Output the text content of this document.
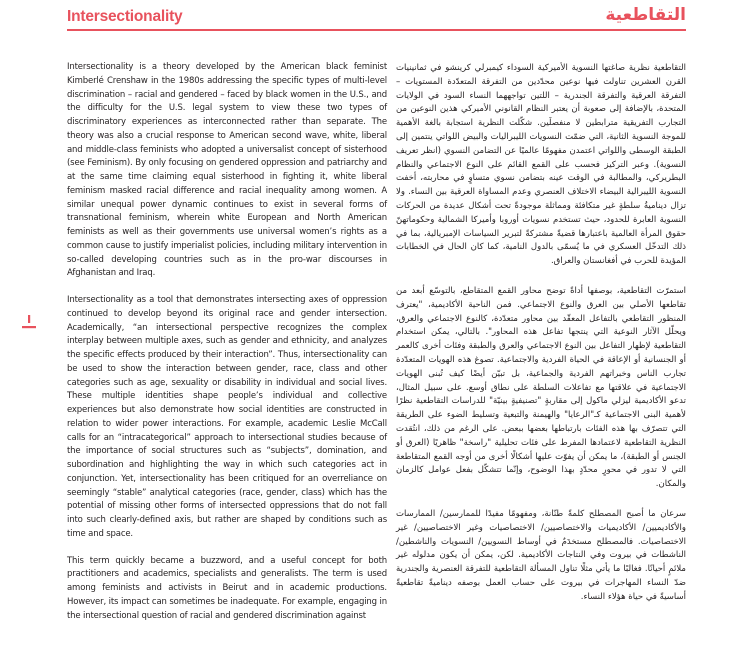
Intersectionality	التقاطعية

Intersectionality is a theory developed by the American black feminist Kimberlé Crenshaw in the 1980s addressing the specific types of multi-level discrimination – racial and gendered – faced by black women in the U.S., and the difficulty for the U.S. legal system to view these two types of discriminatory experiences as interconnected rather than separate. The theory was also a crucial response to American second wave, white, liberal and middle-class feminists who adopted a universalist concept of sisterhood (see Feminism). By only focusing on gendered oppression and patriarchy and at the same time claiming equal sisterhood in fighting it, white liberal feminism masked racial difference and racial inequality among women. A similar unequal power dynamic continues to exist in several forms of transnational feminism, wherein white European and North American feminists as well as their governments use universal women’s rights as a common cause to justify imperialist policies, including military intervention in so-called developing countries such as in the pro-war discourses in Afghanistan and Iraq.

Intersectionality as a tool that demonstrates intersecting axes of oppression continued to develop beyond its original race and gender intersection. Academically, “an intersectional perspective recognizes the complex interplay between multiple axes, such as gender and ethnicity, and analyzes the specific effects produced by their interaction”. Thus, intersectionality can be used to show the interaction between gender, race, class and other categories such as age, sexuality or disability in individual and social lives. These multiple identities shape people’s individual and collective experiences but also demonstrate how social identities are constructed in relation to wider power interactions. For example, academic Leslie McCall calls for an “intracategorical” approach to intersectional studies because of the importance of social structures such as “subjects”, domination, and subordination and highlighting the way in which such categories act in conjunction. Yet, intersectionality has been critiqued for an overreliance on seemingly “stable” analytical categories (race, gender, class) which has the potential of missing other forms of intersected oppressions that do not fall into such clearly-defined axis, but rather are shaped by conditions such as time and space.

This term quickly became a buzzword, and a useful concept for both practitioners and academics, specialists and generalists. The term is used among feminists and activists in Beirut and in academic productions. However, its impact can sometimes be inadequate. For example, engaging in the intersectional question of racial and gendered discrimination against

التقاطعية نظرية صاغتها النسوية الأميركية السوداء كيمبرلي كرينشو في ثمانينيات القرن العشرين تناولت فيها نوعين محدّدين من التفرقة المتعدّدة المستويات – التفرقة العرقية والتفرقة الجندرية – اللتين تواجههما النساء السود في الولايات المتحدة، بالإضافة إلى صعوبة أن يعتبر النظام القانوني الأميركي هذين النوعين من التجارب التفريقية مترابطين لا منفصلَين. شكّلت النظرية استجابة بالغة الأهمية للموجة النسوية الثانية، التي ضمّت النسويات الليبراليات والبيض اللواتي ينتمين إلى الطبقة الوسطى واللواتي اعتمدن مفهومًا عالميًا عن التضامن النسوي (انظر تعريف النسوية). وعبر التركيز فحسب على القمع القائم على النوع الاجتماعي والنظام البطريركي، والمطالبة في الوقت عينه بتضامن نسوي متساوٍ في محاربته، أخفت النسوية الليبرالية البيضاء الاختلاف العنصري وعدم المساواة العرقية بين النساء. ولا تزال ديناميةُ سلطةٍ غير متكافئة ومماثلة موجودةً تحت أشكال عديدة من الحركات النسوية العابرة للحدود، حيث تستخدم نسويات أوروبا وأميركا الشمالية وحكوماتهنّ حقوق المرأة العالمية باعتبارها قضيةً مشتركةً لتبرير السياسات الإمبريالية، بما في ذلك التدخّل العسكري في ما يُسمّى بالدول النامية، كما كان الحال في الخطابات المؤيدة للحرب في أفغانستان والعراق.

استمرّت التقاطعية، بوصفها أداةً توضح محاور القمع المتقاطع، بالتوسّع أبعد من تقاطعها الأصلي بين العرق والنوع الاجتماعي. فمن الناحية الأكاديمية، "يعترف المنظور التقاطعي بالتفاعل المعقّد بين محاور متعدّدة، كالنوع الاجتماعي والعرق، ويحلّل الآثار النوعية التي ينتجها تفاعل هذه المحاور". بالتالي، يمكن استخدام التقاطعية لإظهار التفاعل بين النوع الاجتماعي والعرق والطبقة وفئات أخرى كالعمر أو الجنسانية أو الإعاقة في الحياة الفردية والاجتماعية. تصوغ هذه الهويات المتعدّدة تجارب الناس وخبراتهم الفردية والجماعية، بل تبيّن أيضًا كيف تُبنى الهويات الاجتماعية في علاقتها مع تفاعلات السلطة على نطاق أوسع. على سبيل المثال، تدعو الأكاديمية ليزلي ماكول إلى مقاربةٍ "تصنيفيةٍ بينيّة" للدراسات التقاطعية نظرًا لأهمية البنى الاجتماعية كـ"الرعايا" والهيمنة والتبعية وتسليط الضوء على الطريقة التي تتصرّف بها هذه الفئات بارتباطها بعضها ببعض. على الرغم من ذلك، انتُقدت النظرية التقاطعية لاعتمادها المفرط على فئات تحليلية "راسخة" ظاهريًا (العرق أو الجنس أو الطبقة)، ما يمكن أن يفوّت عليها أشكالًا أخرى من أوجه القمع المتقاطعة التي لا تدور في محورٍ محدّدٍ بهذا الوضوح، وإنّما تتشكّل بفعل عوامل كالزمان والمكان.

سرعان ما أصبح المصطلح كلمةً طنّانة، ومفهومًا مفيدًا للممارسين/ الممارسات والأكاديميين/ الأكاديميات والاختصاصيين/ الاختصاصيات وغير الاختصاصيين/ غير الاختصاصيات. فالمصطلح مستخدَمٌ في أوساط النسويين/ النسويات والناشطين/ الناشطات في بيروت وفي النتاجات الأكاديمية. لكن، يمكن أن يكون مدلوله غير ملائمٍ أحيانًا. فغالبًا ما يأتي مثلًا تناول المسألة التقاطعية للتفرقة العنصرية والجندرية ضدّ النساء المهاجرات في بيروت على حساب العمل بوصفه ديناميةً تقاطعيةً أساسيةً في حياة هؤلاء النساء.
